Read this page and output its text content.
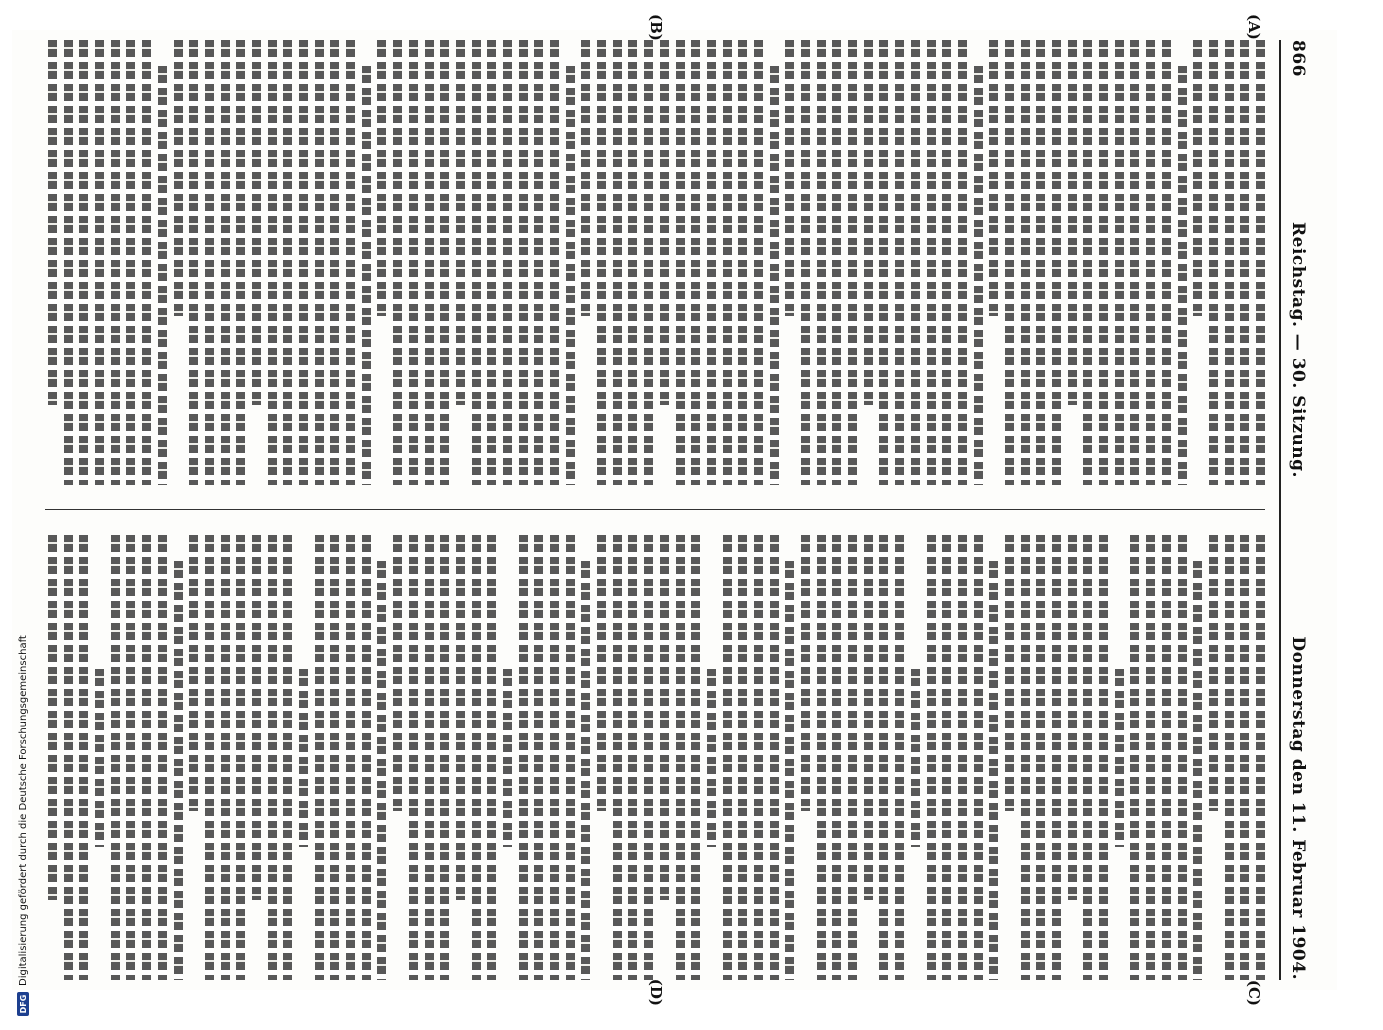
866
Reichstag. — 30. Sitzung.
Donnerstag den 11. Februar 1904.
(A)
(B)
(C)
(D)
DFG
Digitalisierung gefördert durch die Deutsche Forschungsgemeinschaft
